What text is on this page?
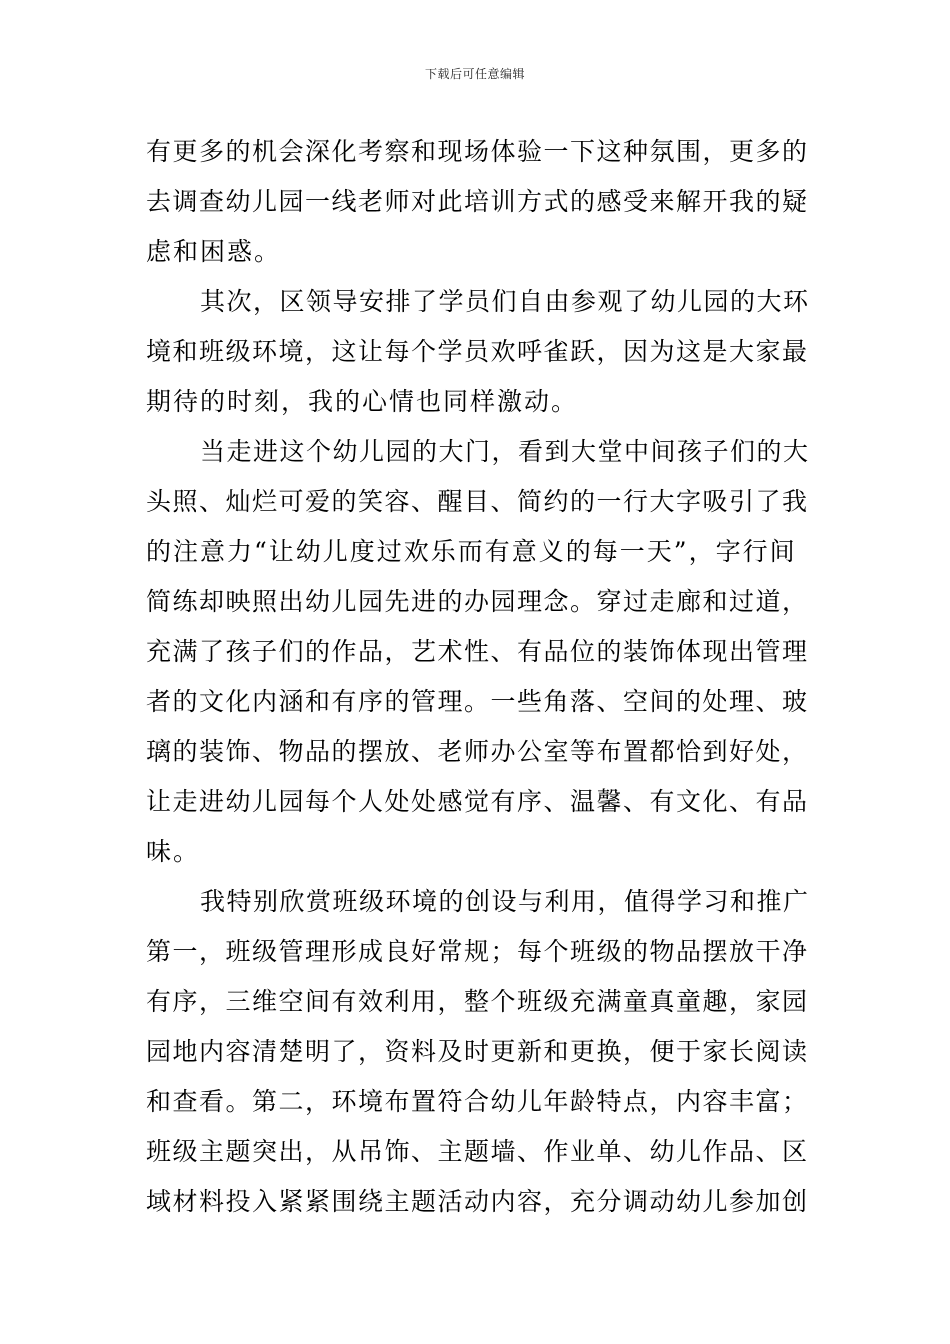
下载后可任意编辑
有更多的机会深化考察和现场体验一下这种氛围，更多的
去调查幼儿园一线老师对此培训方式的感受来解开我的疑
虑和困惑。
其次，区领导安排了学员们自由参观了幼儿园的大环
境和班级环境，这让每个学员欢呼雀跃，因为这是大家最
期待的时刻，我的心情也同样激动。
当走进这个幼儿园的大门，看到大堂中间孩子们的大
头照、灿烂可爱的笑容、醒目、简约的一行大字吸引了我
的注意力“让幼儿度过欢乐而有意义的每一天”，字行间
简练却映照出幼儿园先进的办园理念。穿过走廊和过道，
充满了孩子们的作品，艺术性、有品位的装饰体现出管理
者的文化内涵和有序的管理。一些角落、空间的处理、玻
璃的装饰、物品的摆放、老师办公室等布置都恰到好处，
让走进幼儿园每个人处处感觉有序、温馨、有文化、有品
味。
我特别欣赏班级环境的创设与利用，值得学习和推广
第一，班级管理形成良好常规；每个班级的物品摆放干净
有序，三维空间有效利用，整个班级充满童真童趣，家园
园地内容清楚明了，资料及时更新和更换，便于家长阅读
和查看。第二，环境布置符合幼儿年龄特点，内容丰富；
班级主题突出，从吊饰、主题墙、作业单、幼儿作品、区
域材料投入紧紧围绕主题活动内容，充分调动幼儿参加创
